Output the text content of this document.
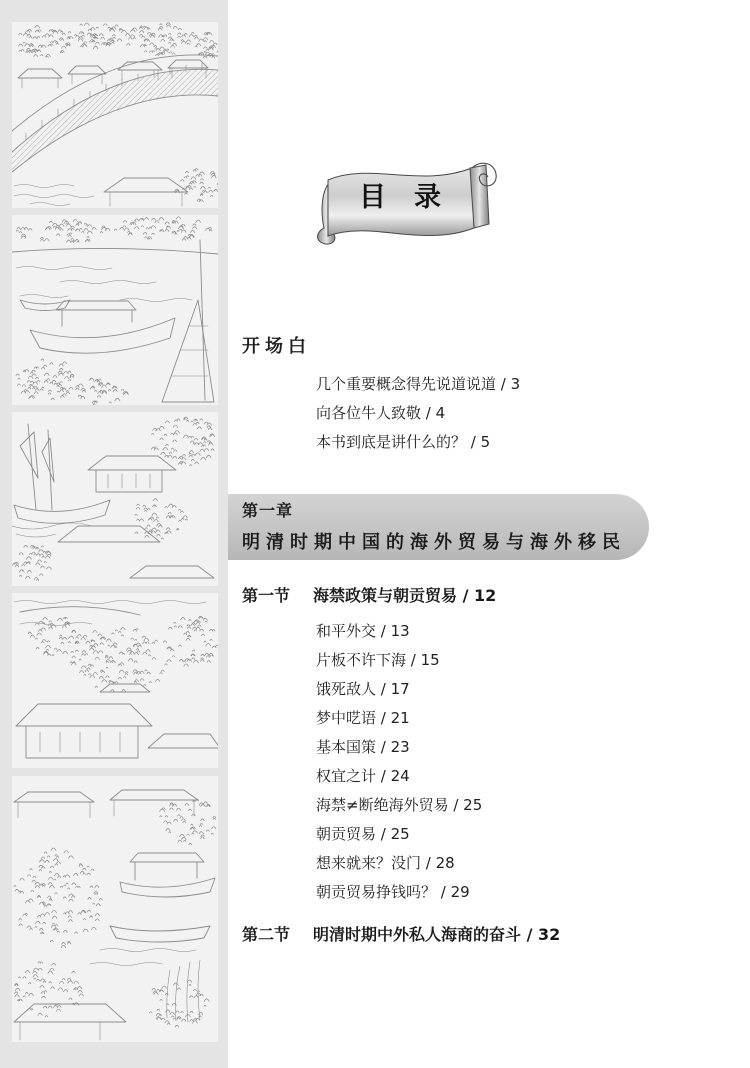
目录
开场白
几个重要概念得先说道说道 / 3
向各位牛人致敬 / 4
本书到底是讲什么的？ / 5
第一章
明清时期中国的海外贸易与海外移民
第一节 海禁政策与朝贡贸易 / 12
和平外交 / 13
片板不许下海 / 15
饿死敌人 / 17
梦中呓语 / 21
基本国策 / 23
权宜之计 / 24
海禁≠断绝海外贸易 / 25
朝贡贸易 / 25
想来就来？没门 / 28
朝贡贸易挣钱吗？ / 29
第二节 明清时期中外私人海商的奋斗 / 32
